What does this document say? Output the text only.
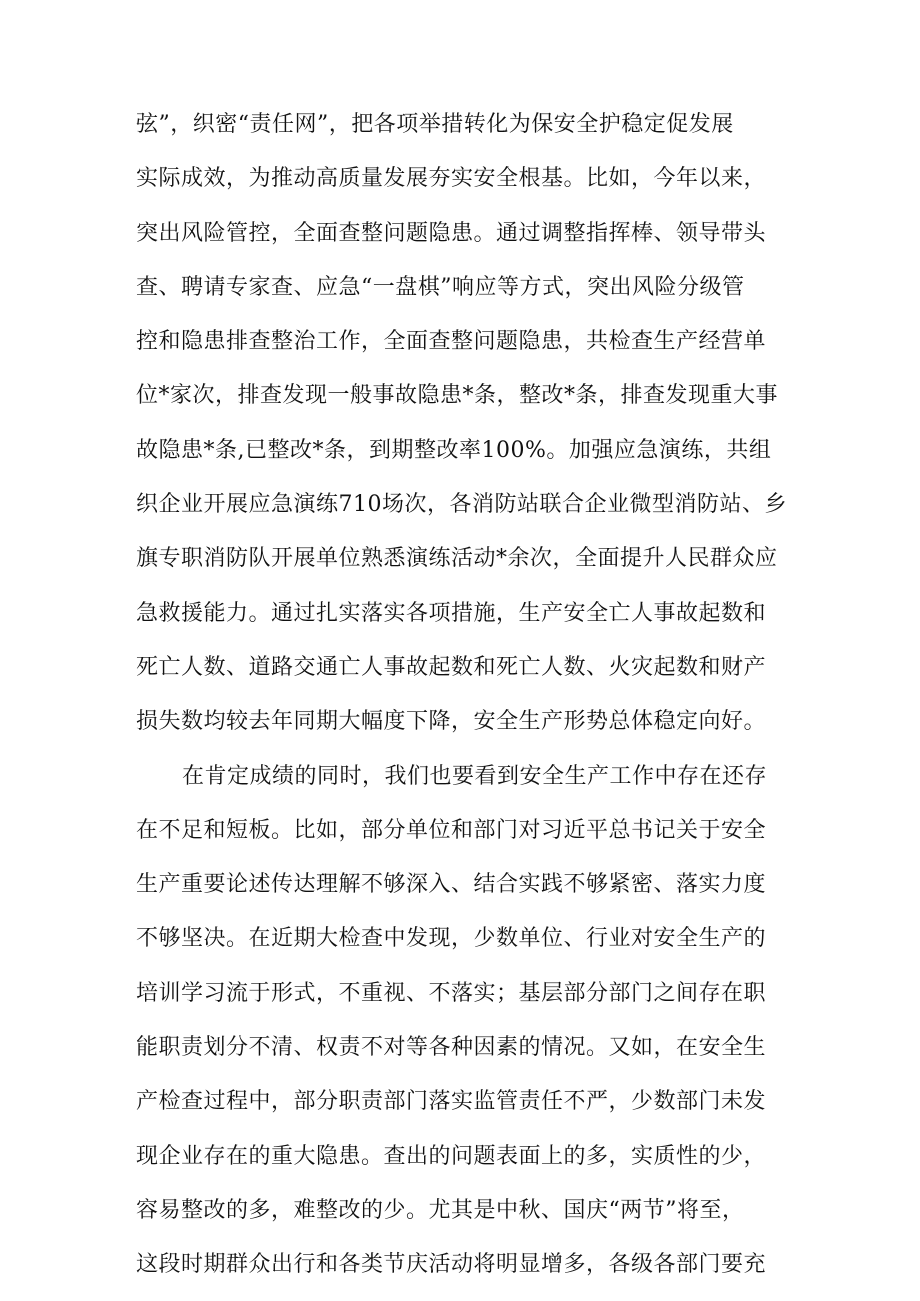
弦”，织密“责任网”，把各项举措转化为保安全护稳定促发展
实际成效，为推动高质量发展夯实安全根基。比如，今年以来，
突出风险管控，全面查整问题隐患。通过调整指挥棒、领导带头
查、聘请专家查、应急“一盘棋”响应等方式，突出风险分级管
控和隐患排查整治工作，全面查整问题隐患，共检查生产经营单
位*家次，排查发现一般事故隐患*条，整改*条，排查发现重大事
故隐患*条,已整改*条，到期整改率100%。加强应急演练，共组
织企业开展应急演练710场次，各消防站联合企业微型消防站、乡
旗专职消防队开展单位熟悉演练活动*余次，全面提升人民群众应
急救援能力。通过扎实落实各项措施，生产安全亡人事故起数和
死亡人数、道路交通亡人事故起数和死亡人数、火灾起数和财产
损失数均较去年同期大幅度下降，安全生产形势总体稳定向好。
在肯定成绩的同时，我们也要看到安全生产工作中存在还存
在不足和短板。比如，部分单位和部门对习近平总书记关于安全
生产重要论述传达理解不够深入、结合实践不够紧密、落实力度
不够坚决。在近期大检查中发现，少数单位、行业对安全生产的
培训学习流于形式，不重视、不落实；基层部分部门之间存在职
能职责划分不清、权责不对等各种因素的情况。又如，在安全生
产检查过程中，部分职责部门落实监管责任不严，少数部门未发
现企业存在的重大隐患。查出的问题表面上的多，实质性的少，
容易整改的多，难整改的少。尤其是中秋、国庆“两节”将至，
这段时期群众出行和各类节庆活动将明显增多，各级各部门要充
